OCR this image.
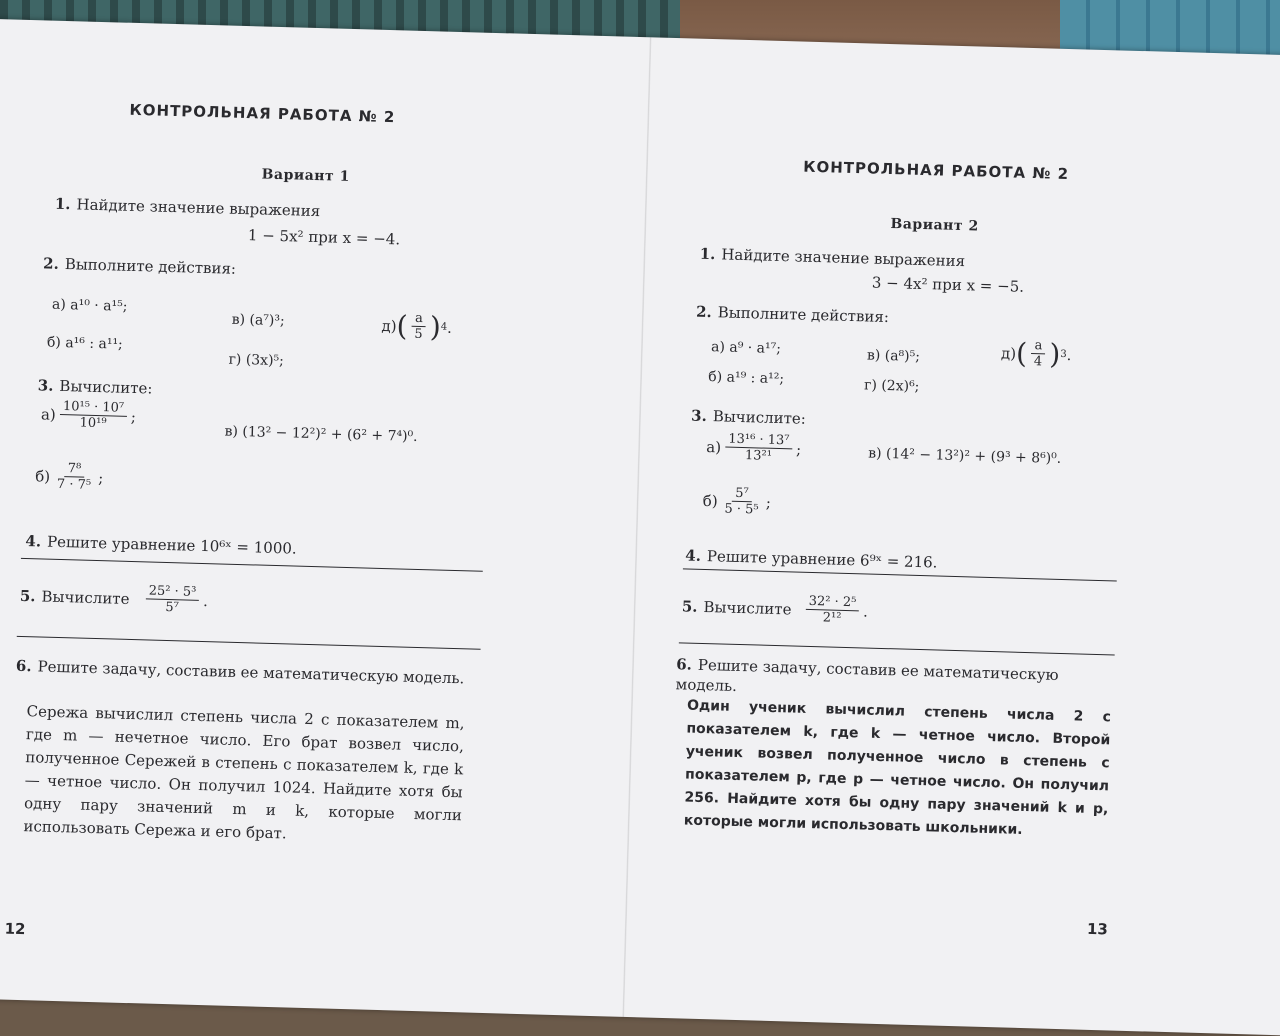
КОНТРОЛЬНАЯ РАБОТА № 2
Вариант 1
1. Найдите значение выражения
1 − 5x² при x = −4.
2. Выполните действия:
а) a¹⁰ · a¹⁵;
в) (a⁷)³;
б) a¹⁶ : a¹¹;
г) (3x)⁵;
д) ( $\frac{a}{5}$ ) 4 .
3. Вычислите:
$а) \frac{\text{10¹⁵ · 10⁷}}{\text{10¹⁹}}$ ;
в) (13² − 12²)² + (6² + 7⁴)⁰.
$б) \frac{\text{7⁸}}{\text{7 · 7⁵}}$ ;
4. Решите уравнение 10⁶ˣ = 1000.
5. Вычислите $\frac{\text{25² · 5³}}{\text{5⁷}}$ .
6. Решите задачу, составив ее математическую модель.
Сережа вычислил степень числа 2 с показателем m, где m — нечетное число. Его брат возвел число, полученное Сережей в степень с показателем k, где k — четное число. Он получил 1024. Найдите хотя бы одну пару значений m и k, которые могли использовать Сережа и его брат.
12
КОНТРОЛЬНАЯ РАБОТА № 2
Вариант 2
1. Найдите значение выражения
3 − 4x² при x = −5.
2. Выполните действия:
а) a⁹ · a¹⁷;	в) (a⁸)⁵;
б) a¹⁹ : a¹²;	г) (2x)⁶;
д) ( $\frac{a}{4}$ ) 3 .
3. Вычислите:
$а) \frac{\text{13¹⁶ · 13⁷}}{\text{13²¹}}$ ;	в) (14² − 13²)² + (9³ + 8⁶)⁰.
$б) \frac{\text{5⁷}}{\text{5 · 5⁵}}$ ;
4. Решите уравнение 6⁹ˣ = 216.
5. Вычислите $\frac{\text{32² · 2⁵}}{\text{2¹²}}$ .
6. Решите задачу, составив ее математическую модель.
Один ученик вычислил степень числа 2 с показателем k, где k — четное число. Второй ученик возвел полученное число в степень с показателем p, где p — четное число. Он получил 256. Найдите хотя бы одну пару значений k и p, которые могли использовать школьники.
13
